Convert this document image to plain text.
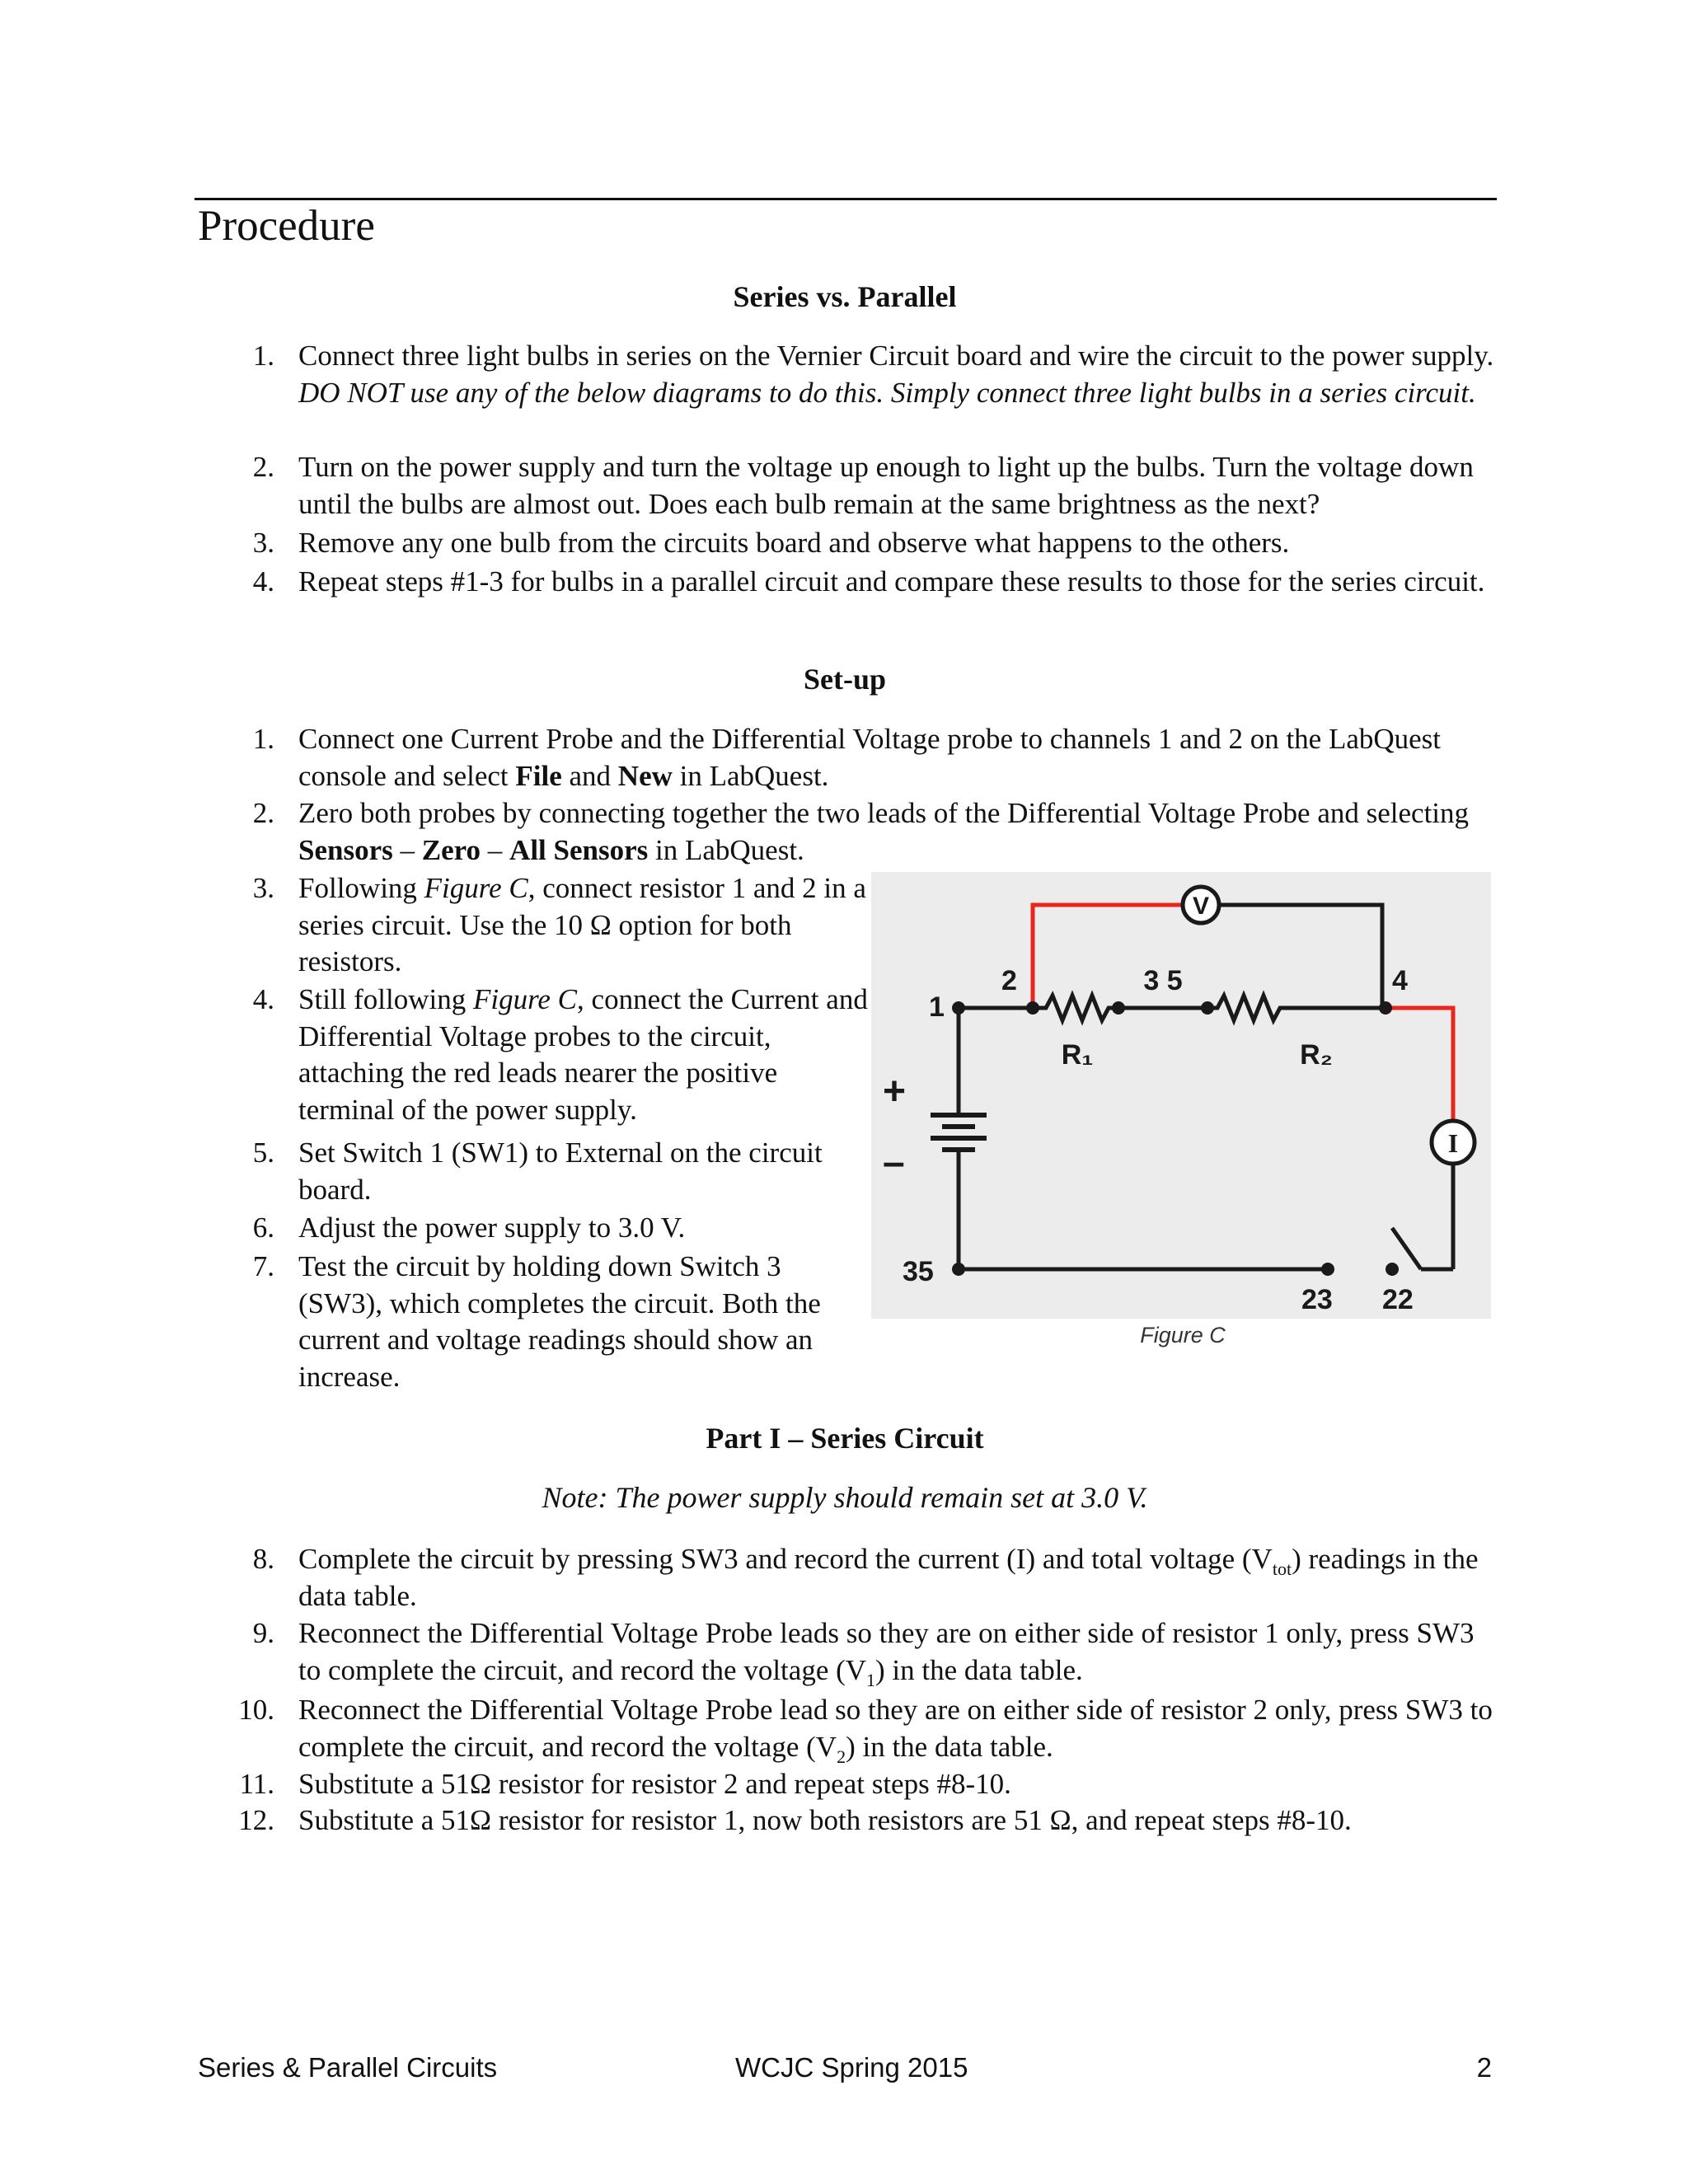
Procedure
Series vs. Parallel
1. Connect three light bulbs in series on the Vernier Circuit board and wire the circuit to the power supply. DO NOT use any of the below diagrams to do this. Simply connect three light bulbs in a series circuit.
2. Turn on the power supply and turn the voltage up enough to light up the bulbs. Turn the voltage down until the bulbs are almost out. Does each bulb remain at the same brightness as the next?
3. Remove any one bulb from the circuits board and observe what happens to the others.
4. Repeat steps #1-3 for bulbs in a parallel circuit and compare these results to those for the series circuit.
Set-up
1. Connect one Current Probe and the Differential Voltage probe to channels 1 and 2 on the LabQuest console and select File and New in LabQuest.
2. Zero both probes by connecting together the two leads of the Differential Voltage Probe and selecting Sensors – Zero – All Sensors in LabQuest.
3. Following Figure C, connect resistor 1 and 2 in a series circuit. Use the 10 Ω option for both resistors.
4. Still following Figure C, connect the Current and Differential Voltage probes to the circuit, attaching the red leads nearer the positive terminal of the power supply.
5. Set Switch 1 (SW1) to External on the circuit board.
6. Adjust the power supply to 3.0 V.
7. Test the circuit by holding down Switch 3 (SW3), which completes the circuit. Both the current and voltage readings should show an increase.
V
I
1
2	3 5	4
R₁	R₂
+
–
35
23 22
Figure C
Part I – Series Circuit
Note: The power supply should remain set at 3.0 V.
8. Complete the circuit by pressing SW3 and record the current (I) and total voltage $(V_{tot})$ readings in the data table.
9. Reconnect the Differential Voltage Probe leads so they are on either side of resistor 1 only, press SW3 to complete the circuit, and record the voltage $(V_1)$ in the data table.
10. Reconnect the Differential Voltage Probe lead so they are on either side of resistor 2 only, press SW3 to complete the circuit, and record the voltage $(V_2)$ in the data table.
11. Substitute a 51Ω resistor for resistor 2 and repeat steps #8-10.
12. Substitute a 51Ω resistor for resistor 1, now both resistors are 51 Ω, and repeat steps #8-10.
Series & Parallel Circuits	WCJC Spring 2015	2
